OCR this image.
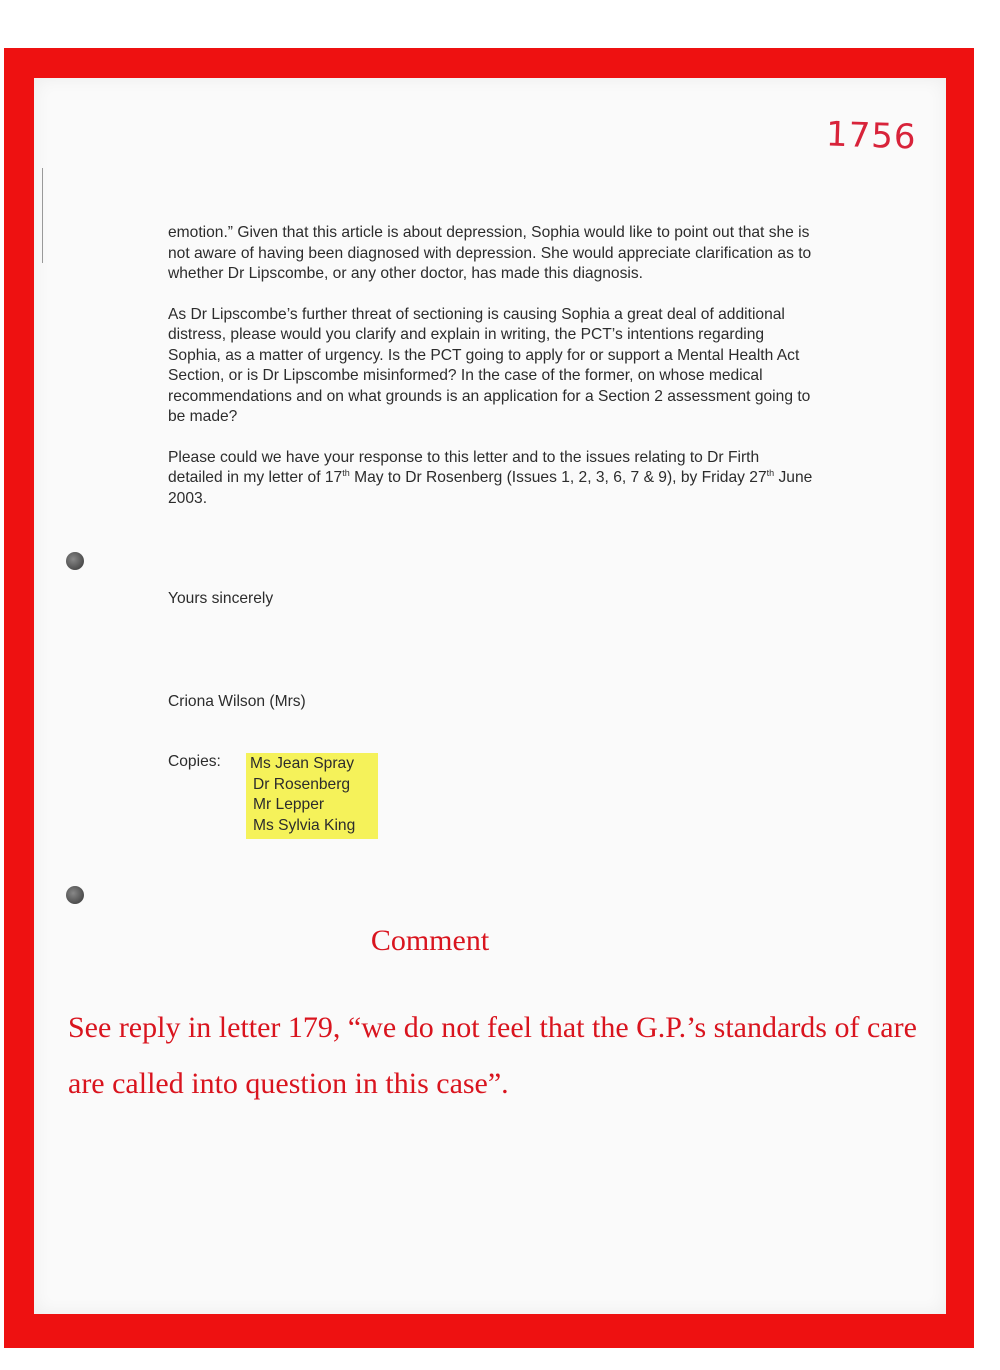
1756

emotion.” Given that this article is about depression, Sophia would like to point out that she is not aware of having been diagnosed with depression. She would appreciate clarification as to whether Dr Lipscombe, or any other doctor, has made this diagnosis.

As Dr Lipscombe’s further threat of sectioning is causing Sophia a great deal of additional distress, please would you clarify and explain in writing, the PCT’s intentions regarding Sophia, as a matter of urgency. Is the PCT going to apply for or support a Mental Health Act Section, or is Dr Lipscombe misinformed? In the case of the former, on whose medical recommendations and on what grounds is an application for a Section 2 assessment going to be made?

Please could we have your response to this letter and to the issues relating to Dr Firth detailed in my letter of 17th May to Dr Rosenberg (Issues 1, 2, 3, 6, 7 & 9), by Friday 27th June 2003.

Yours sincerely
Criona Wilson (Mrs)
Copies: Ms Jean Spray
Dr Rosenberg
Mr Lepper
Ms Sylvia King
Comment
See reply in letter 179, “we do not feel that the G.P.’s standards of care are called into question in this case”.
